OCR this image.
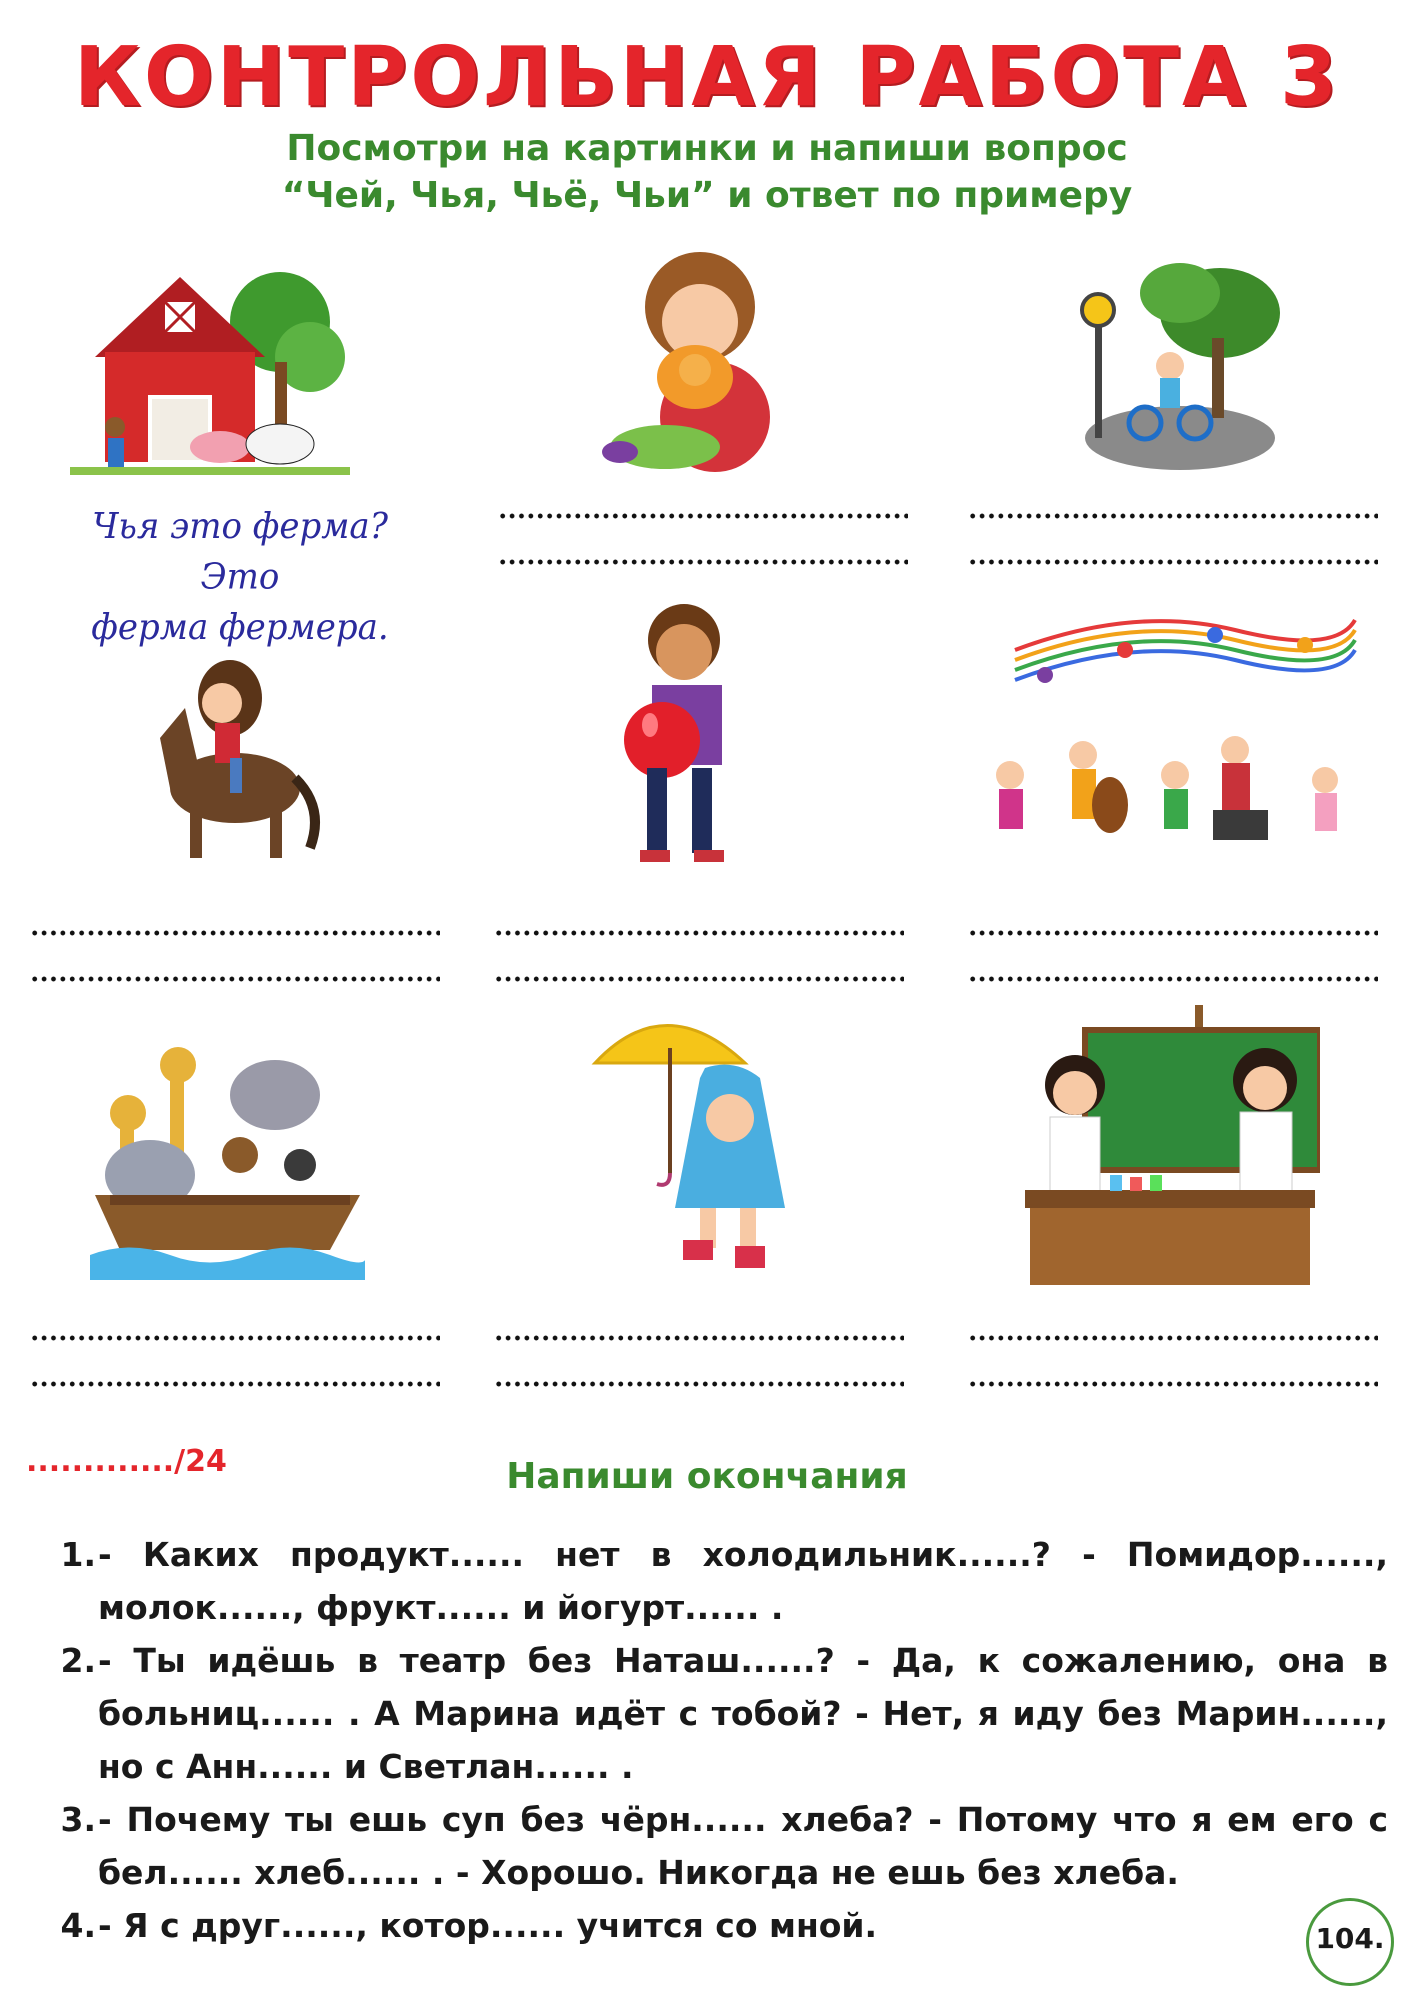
КОНТРОЛЬНАЯ РАБОТА 3
Посмотри на картинки и напиши вопрос
“Чей, Чья, Чьё, Чьи” и ответ по примеру
Чья это ферма? Это
ферма фермера.
............./24	Напиши окончания
1. - Каких продукт...... нет в холодильник......? - Помидор......, молок......, фрукт...... и йогурт...... .
2. - Ты идёшь в театр без Наташ......? - Да, к сожалению, она в больниц...... . А Марина идёт с тобой? - Нет, я иду без Марин......, но с Анн...... и Светлан...... .
3. - Почему ты ешь суп без чёрн...... хлеба? - Потому что я ем его с бел...... хлеб...... . - Хорошо. Никогда не ешь без хлеба.
4. - Я с друг......, котор...... учится со мной.	104.
